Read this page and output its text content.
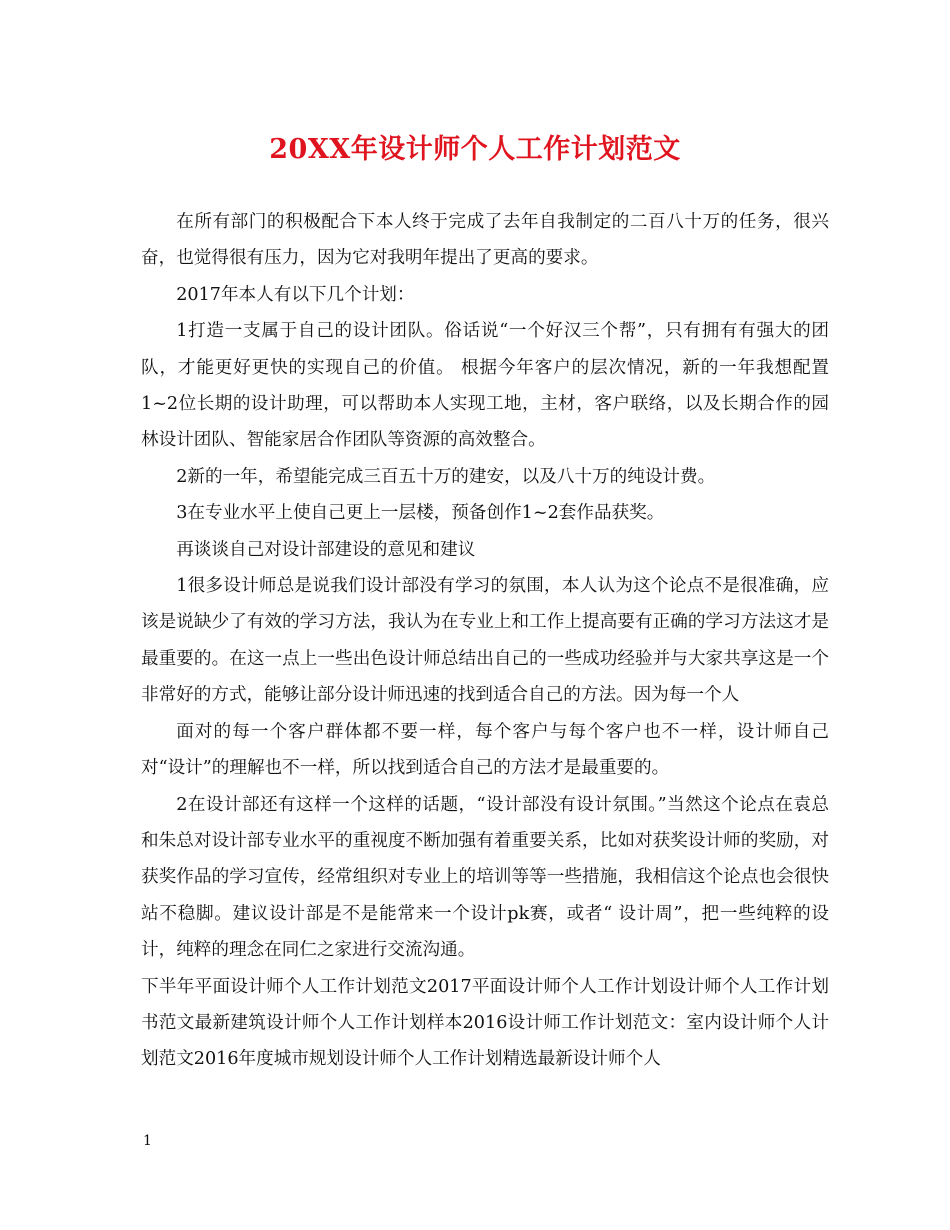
20XX年设计师个人工作计划范文

在所有部门的积极配合下本人终于完成了去年自我制定的二百八十万的任务，很兴奋，也觉得很有压力，因为它对我明年提出了更高的要求。

2017年本人有以下几个计划：

1打造一支属于自己的设计团队。俗话说“一个好汉三个帮”，只有拥有有强大的团队，才能更好更快的实现自己的价值。 根据今年客户的层次情况，新的一年我想配置1~2位长期的设计助理，可以帮助本人实现工地，主材，客户联络，以及长期合作的园林设计团队、智能家居合作团队等资源的高效整合。

2新的一年，希望能完成三百五十万的建安，以及八十万的纯设计费。

3在专业水平上使自己更上一层楼，预备创作1~2套作品获奖。

再谈谈自己对设计部建设的意见和建议

1很多设计师总是说我们设计部没有学习的氛围，本人认为这个论点不是很准确，应该是说缺少了有效的学习方法，我认为在专业上和工作上提高要有正确的学习方法这才是最重要的。在这一点上一些出色设计师总结出自己的一些成功经验并与大家共享这是一个非常好的方式，能够让部分设计师迅速的找到适合自己的方法。因为每一个人

面对的每一个客户群体都不要一样，每个客户与每个客户也不一样，设计师自己对“设计”的理解也不一样，所以找到适合自己的方法才是最重要的。

2在设计部还有这样一个这样的话题，“设计部没有设计氛围。”当然这个论点在袁总和朱总对设计部专业水平的重视度不断加强有着重要关系，比如对获奖设计师的奖励，对获奖作品的学习宣传，经常组织对专业上的培训等等一些措施，我相信这个论点也会很快站不稳脚。建议设计部是不是能常来一个设计pk赛，或者“ 设计周”，把一些纯粹的设计，纯粹的理念在同仁之家进行交流沟通。

下半年平面设计师个人工作计划范文2017平面设计师个人工作计划设计师个人工作计划书范文最新建筑设计师个人工作计划样本2016设计师工作计划范文：室内设计师个人计划范文2016年度城市规划设计师个人工作计划精选最新设计师个人

1
